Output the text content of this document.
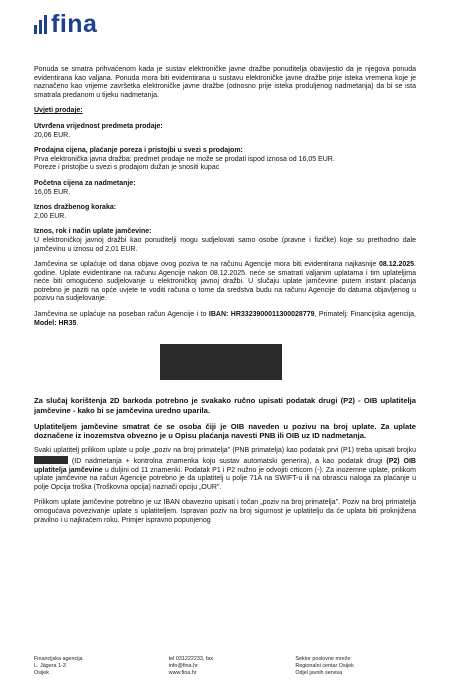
fina

Ponuda se smatra prihvaćenom kada je sustav elektroničke javne dražbe ponuditelja obavijestio da je njegova ponuda evidentirana kao valjana. Ponuda mora biti evidentirana u sustavu elektroničke javne dražbe prije isteka vremena koje je naznačeno kao vrijeme završetka elektroničke javne dražbe (odnosno prije isteka produljenog nadmetanja) da bi se ista smatrala predanom u tijeku nadmetanja.

Uvjeti prodaje:

Utvrđena vrijednost predmeta prodaje:
20,06 EUR.

Prodajna cijena, plaćanje poreza i pristojbi u svezi s prodajom:
Prva elektronička javna dražba: predmet prodaje ne može se prodati ispod iznosa od 16,05 EUR.
Poreze i pristojbe u svezi s prodajom dužan je snositi kupac

Početna cijena za nadmetanje:
16,05 EUR.

Iznos dražbenog koraka:
2,00 EUR.

Iznos, rok i način uplate jamčevine:
U elektroničkoj javnoj dražbi kao ponuditelji mogu sudjelovati samo osobe (pravne i fizičke) koje su prethodno dale jamčevinu u iznosu od 2,01 EUR.

Jamčevina se uplaćuje od dana objave ovog poziva te na računu Agencije mora biti evidentirana najkasnije 08.12.2025. godine. Uplate evidentirane na računu Agencije nakon 08.12.2025. neće se smatrati valjanim uplatama i tim uplateljima neće biti omogućeno sudjelovanje u elektroničkoj javnoj dražbi. U slučaju uplate jamčevine putem instant plaćanja potrebno je paziti na opće uvjete te voditi računa o tome da sredstva budu na računu Agencije do datuma objavljenog u pozivu na sudjelovanje.

Jamčevina se uplaćuje na poseban račun Agencije i to IBAN: HR3323900011300028779, Primatelj: Financijska agencija, Model: HR35.

Za slučaj korištenja 2D barkoda potrebno je svakako ručno upisati podatak drugi (P2) - OIB uplatitelja jamčevine - kako bi se jamčevina uredno uparila.

Uplatiteljem jamčevine smatrat će se osoba čiji je OIB naveden u pozivu na broj uplate. Za uplate doznačene iz inozemstva obvezno je u Opisu plaćanja navesti PNB ili OIB uz ID nadmetanja.

Svaki uplatitelj prilikom uplate u polje „poziv na broj primatelja" (PNB primatelja) kao podatak prvi (P1) treba upisati brojku  (ID nadmetanja + kontrolna znamenka koju sustav automatski generira), a kao podatak drugi (P2) OIB uplatitelja jamčevine u duljini od 11 znamenki. Podatak P1 i P2 nužno je odvojiti crticom (-). Za inozemne uplate, prilikom uplate jamčevine na račun Agencije potrebno je da uplatitelj u polje 71A na SWIFT-u ili na obrascu naloga za plaćanje u polje Opcija troška (Troškovna opcija) naznači opciju „OUR".

Prilikom uplate jamčevine potrebno je uz IBAN obavezno upisati i točan „poziv na broj primatelja". Poziv na broj primatelja omogućava povezivanje uplate s uplatiteljem. Ispravan poziv na broj sigurnost je uplatitelju da će uplata biti proknjižena pravilno i u najkraćem roku. Primjer ispravno popunjenog

Financijska agencija
L. Jägera 1-3
Osijek
tel 031222233, fax
info@fina.hr
www.fina.hr
Sektor poslovne mreže
Regionalni centar Osijek
Odjel javnih servisa
